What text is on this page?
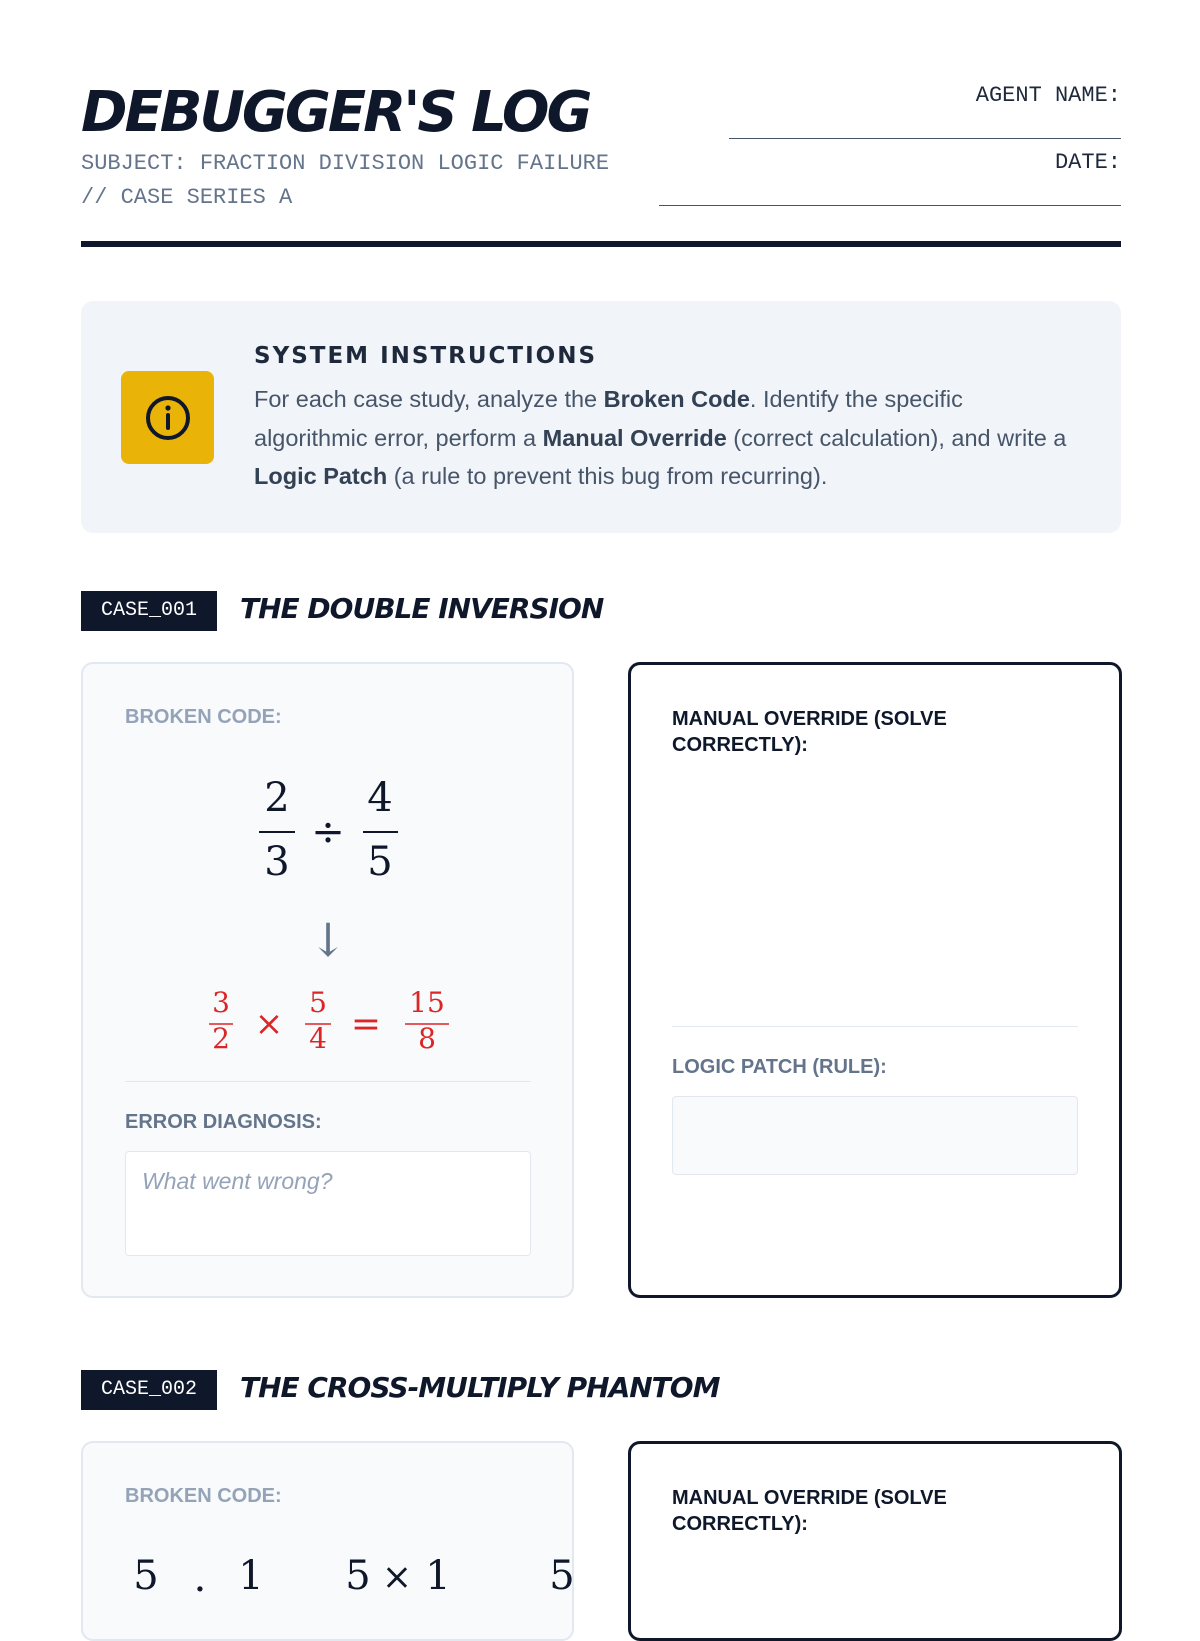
DEBUGGER'S LOG
SUBJECT: FRACTION DIVISION LOGIC FAILURE
// CASE SERIES A
AGENT NAME:
DATE:
SYSTEM INSTRUCTIONS
For each case study, analyze the Broken Code. Identify the specific algorithmic error, perform a Manual Override (correct calculation), and write a Logic Patch (a rule to prevent this bug from recurring).
CASE_001	THE DOUBLE INVERSION
BROKEN CODE:
2
3
÷
4
5
↓
3
2 ×
5
4 =
15
8
ERROR DIAGNOSIS:
What went wrong?
MANUAL OVERRIDE (SOLVE CORRECTLY):
LOGIC PATCH (RULE):
CASE_002	THE CROSS-MULTIPLY PHANTOM
BROKEN CODE:
5 · 1 5 × 1 5
MANUAL OVERRIDE (SOLVE CORRECTLY):
